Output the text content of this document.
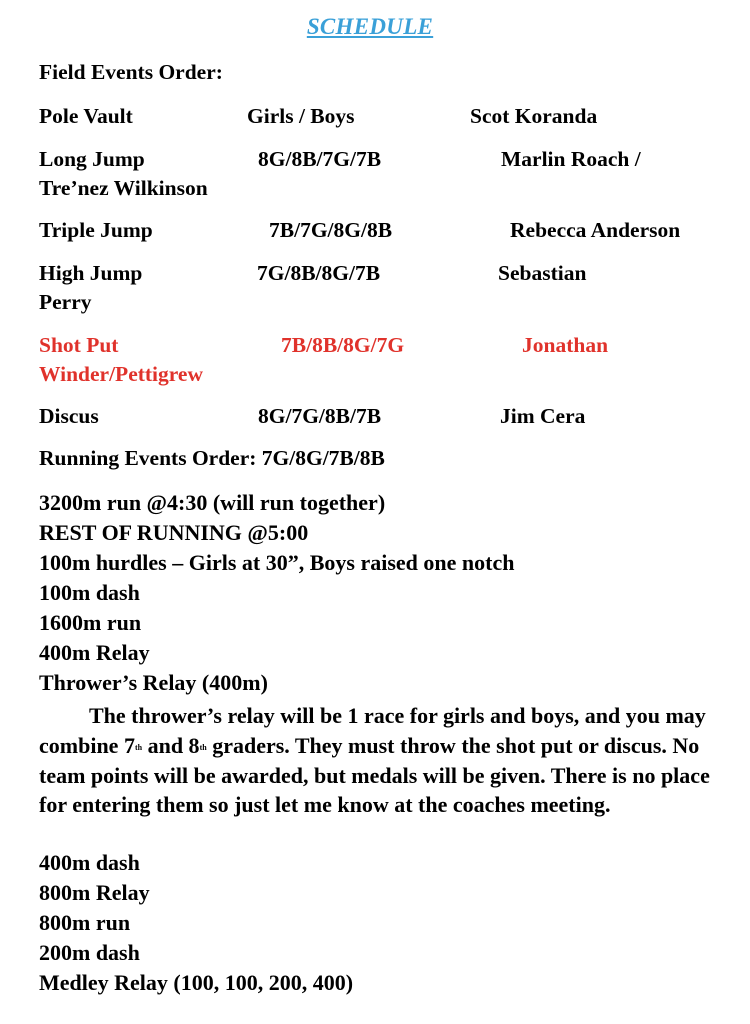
SCHEDULE
Field Events Order:
Pole Vault	Girls / Boys	Scot Koranda
Long Jump	8G/8B/7G/7B	Marlin Roach /

Tre’nez Wilkinson
Triple Jump	7B/7G/8G/8B	Rebecca Anderson
High Jump	7G/8B/8G/7B	Sebastian

Perry
Shot Put	7B/8B/8G/7G	Jonathan

Winder/Pettigrew
Discus	8G/7G/8B/7B	Jim Cera
Running Events Order: 7G/8G/7B/8B
3200m run @4:30 (will run together)
REST OF RUNNING @5:00
100m hurdles – Girls at 30”, Boys raised one notch
100m dash
1600m run
400m Relay
Thrower’s Relay (400m)
The thrower’s relay will be 1 race for girls and boys, and you may combine 7th and 8th graders. They must throw the shot put or discus. No team points will be awarded, but medals will be given. There is no place for entering them so just let me know at the coaches meeting.
400m dash
800m Relay
800m run
200m dash
Medley Relay (100, 100, 200, 400)
